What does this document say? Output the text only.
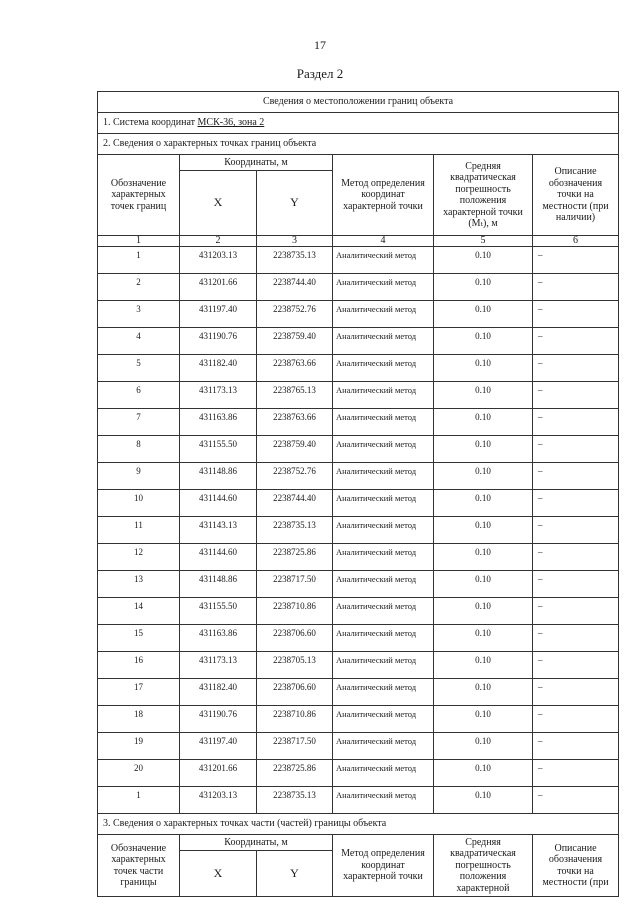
17
Раздел 2
Сведения о местоположении границ объекта					
1. Система координат МСК-36, зона 2					
2. Сведения о характерных точках границ объекта					
Обозначение характерных точек границ	Координаты, м		Метод определения координат характерной точки	Средняя квадратическая погрешность положения характерной точки (Mₜ), м	Описание обозначения точки на местности (при наличии)
	X	Y			
1	2	3	4	5	6
1	431203.13	2238735.13	Аналитический метод	0.10	–
2	431201.66	2238744.40	Аналитический метод	0.10	–
3	431197.40	2238752.76	Аналитический метод	0.10	–
4	431190.76	2238759.40	Аналитический метод	0.10	–
5	431182.40	2238763.66	Аналитический метод	0.10	–
6	431173.13	2238765.13	Аналитический метод	0.10	–
7	431163.86	2238763.66	Аналитический метод	0.10	–
8	431155.50	2238759.40	Аналитический метод	0.10	–
9	431148.86	2238752.76	Аналитический метод	0.10	–
10	431144.60	2238744.40	Аналитический метод	0.10	–
11	431143.13	2238735.13	Аналитический метод	0.10	–
12	431144.60	2238725.86	Аналитический метод	0.10	–
13	431148.86	2238717.50	Аналитический метод	0.10	–
14	431155.50	2238710.86	Аналитический метод	0.10	–
15	431163.86	2238706.60	Аналитический метод	0.10	–
16	431173.13	2238705.13	Аналитический метод	0.10	–
17	431182.40	2238706.60	Аналитический метод	0.10	–
18	431190.76	2238710.86	Аналитический метод	0.10	–
19	431197.40	2238717.50	Аналитический метод	0.10	–
20	431201.66	2238725.86	Аналитический метод	0.10	–
1	431203.13	2238735.13	Аналитический метод	0.10	–
3. Сведения о характерных точках части (частей) границы объекта					
Обозначение характерных точек части границы	Координаты, м		Метод определения координат характерной точки	Средняя квадратическая погрешность положения характерной	Описание обозначения точки на местности (при
	X	Y			
